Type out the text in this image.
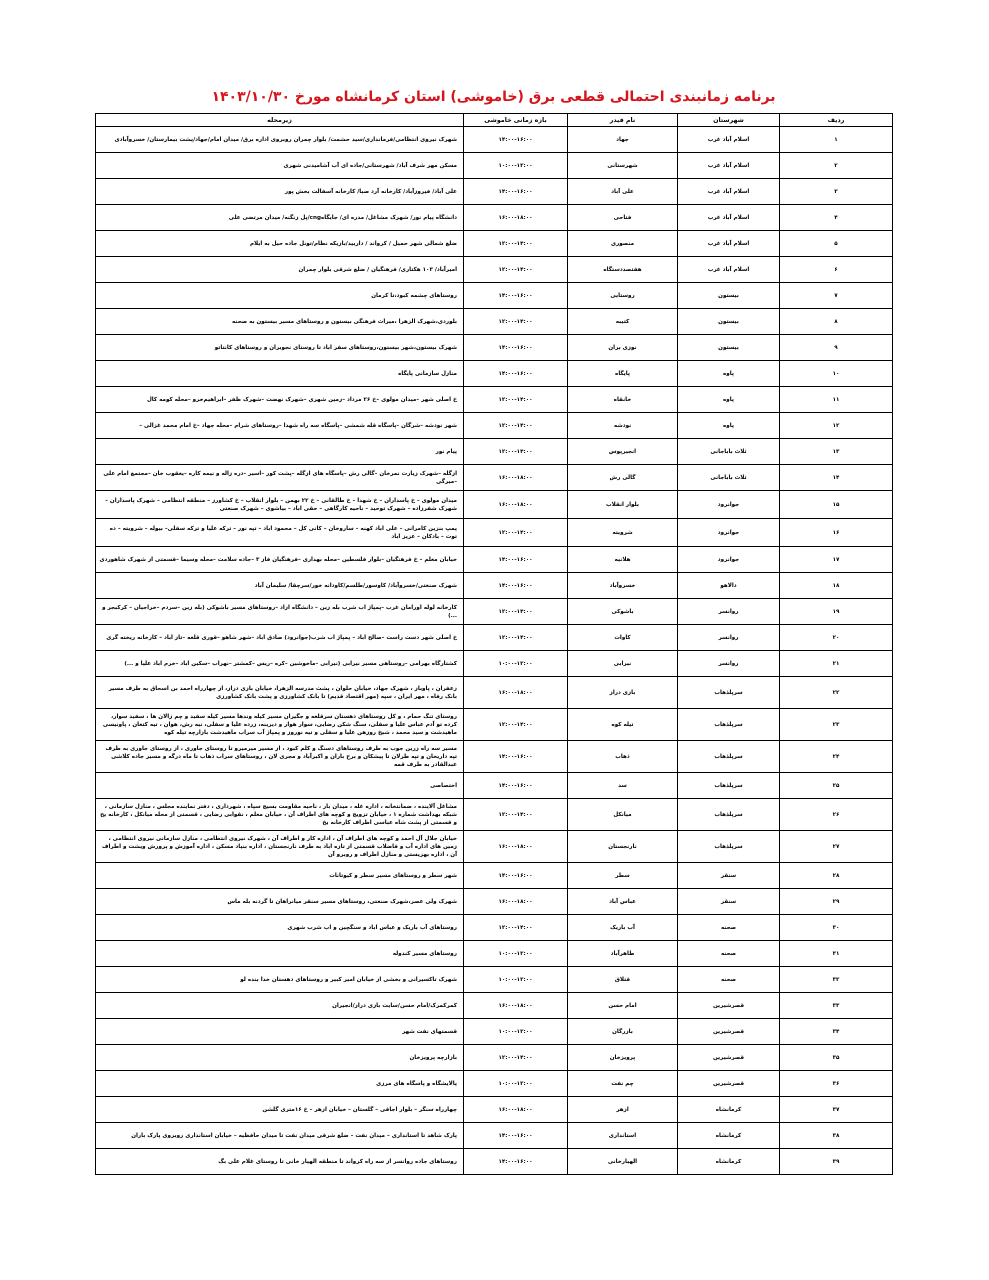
برنامه زمانبندی احتمالی قطعی برق (خاموشی) استان کرمانشاه مورخ ۱۴۰۳/۱۰/۳۰
ردیف	شهرستان	نام فیدر	بازه زمانی خاموشی	زیرمحله
۱	اسلام آباد غرب	جهاد	۱۴:۰۰-۱۶:۰۰	شهرک نیروی انتظامی/فرمانداری/سید حشمت/ بلوار چمران روبروی اداره برق/ میدان امام/جهاد/پشت بیمارستان/ خسروآبادی
۲	اسلام آباد غرب	شهرستانی	۱۰:۰۰-۱۲:۰۰	مسکن مهر شرف آباد/ شهرستانی/جاده ای آب آشامیدنی شهری
۳	اسلام آباد غرب	علی آباد	۱۴:۰۰-۱۶:۰۰	علی آباد/ فیروزآباد/ کارخانه آرد صبا/ کارخانه آسفالت بخش پور
۴	اسلام آباد غرب	فتاحی	۱۶:۰۰-۱۸:۰۰	دانشگاه پیام نور/ شهرک مشاغل/ مدره ای/ جایگاهcng/پل زنگنه/ میدان مرتضی علی
۵	اسلام آباد غرب	منصوری	۱۲:۰۰-۱۴:۰۰	ضلع شمالی شهر حمیل / کرواند / داربید/بازیکه نظام/تونل جاده حیل به ایلام
۶	اسلام آباد غرب	هفتصددستگاه	۱۲:۰۰-۱۴:۰۰	امیرآباد/ ۱۰۳ هکتاری/ فرهنگیان / ضلع شرقی بلوار چمران
۷	بیستون	روستایی	۱۴:۰۰-۱۶:۰۰	روستاهای چشمه کبود،تا کرمان
۸	بیستون	کتیبه	۱۲:۰۰-۱۴:۰۰	بلوردی،شهرک الزهرا ،میراث فرهنگی بیستون و روستاهای مسیر بیستون به صحنه
۹	بیستون	نوزی بران	۱۴:۰۰-۱۶:۰۰	شهرک بیستون،شهر بیستون،روستاهای سفر اباد تا روستای نجوبران و روستاهای کانتاتو
۱۰	پاوه	پایگاه	۱۴:۰۰-۱۶:۰۰	منازل سازمانی پایگاه
۱۱	پاوه	خانقاه	۱۲:۰۰-۱۴:۰۰	خ اصلی شهر –میدان مولوی –خ ۲۶ مرداد –زمین شهری –شهرک نهضت –شهرک ظفر –ابراهیم‌خرو –محله کومه کال
۱۲	پاوه	نودشه	۱۲:۰۰-۱۴:۰۰	شهر نودشه –شرگان –پاسگاه قله شمشی –پاسگاه سه راه شهدا –روستاهای شرام –محله جهاد –خ امام محمد غزالی –
۱۳	ثلاث باباجانی	انجیرپوس	۱۲:۰۰-۱۴:۰۰	پیام نور
۱۴	ثلاث باباجانی	گالی رش	۱۶:۰۰-۱۸:۰۰	ازگله –شهرک زیارت نمرخان –گالی رش –پاسگاه های ازگله –پشت کور –اسیر –دره زاله و نیمه کاره –یعقوب خان –مجتمع امام علی –میرگی
۱۵	جوانرود	بلوار انقلاب	۱۶:۰۰-۱۸:۰۰	میدان مولوی – خ پاسداران – خ شهدا – خ طالقانی – خ ۲۲ بهمن – بلوار انقلاب – خ کشاورز – منطقه انتظامی – شهرک پاسداران – شهرک شفرزاده – شهرک توحید – ناحیه کارگاهی – حقی اباد – بیاشوی – شهرک صنعتی
۱۶	جوانرود	شرویته	۱۲:۰۰-۱۴:۰۰	پمپ بنزین کامرانی – علی اباد کهنه – ساروخان – کانی کل – محمود اباد – تپه نور – ترکه علیا و ترکه سفلی– بیوله – شرویته – ده توت – بادکان – عزیز اباد
۱۷	جوانرود	هلانیه	۱۴:۰۰-۱۶:۰۰	خیابان معلم – خ فرهنگیان –بلوار فلسطین –محله بهداری –فرهنگیان فاز ۳ –جاده سلامت –محله وسیما –قسمتی از شهرک شاهوردی
۱۸	دالاهو	خسروآباد	۱۴:۰۰-۱۶:۰۰	شهرک صنعتی/خسروآباد/ کاوسور/طلسم/کاودانه خور/سرچقا/ سلیمان آباد
۱۹	روانسر	باشوکی	۱۲:۰۰-۱۴:۰۰	کارخانه لوله اورامان غرب –پمپاژ اب شرب بله زین – دانشگاه ازاد –روستاهای مسیر باشوکی (بله زین –سردم –خراجیان – کرکبجر و ...)
۲۰	روانسر	کاوات	۱۲:۰۰-۱۴:۰۰	خ اصلی شهر دست راست –صالح اباد – پمپاژ اب شرب(جوانرود) صادق اباد –شهر شاهو –قوری قلعه –تاز اباد – کارخانه ریخته گری
۲۱	روانسر	نیرابی	۱۰:۰۰-۱۲:۰۰	کشتارگاه بهرامی –روستاهی مسیر نیرابی (نیرابی –ماخوشین –کره –ریس –کمشتر –نهراب –سکین اباد –خرم اباد علیا و ...)
۲۲	سرپلذهاب	بازی دراز	۱۶:۰۰-۱۸:۰۰	زعفران ، پاوباز ، شهرک جهاد، خیابان حلوان ، پشت مدرسه الزهرا، خیابان بازی دراز، از چهارراه احمد بن اسحاق به طرف مسیر بانک رفاه ، مهر ایران ، سپه (مهر اقتصاد قدیم) تا بانک کشاورزی و پشت بانک کشاورزی
۲۳	سرپلذهاب	تیله کوه	۱۲:۰۰-۱۴:۰۰	روستای تنگ حمام ، و کل روستاهای دهستان سرقلعه و جگیران مسیر کیله وندها مسیر کیله سفید و چم زالان ها ، سفید سوار، کرده تو آدم عباس علیا و سفلی، سنگ شکن رضایی، سوار هوار و دیرینه، زرده علیا و سفلی، نیه رش، هوان ، تیه کتعان ، پاونیسی ماهیدشت و سید محمد ، شیخ روزهن علیا و سفلی و تیه نوروز و پمپاژ آب سراب ماهیدشت بازارچه تیله کوه
۲۴	سرپلذهاب	ذهاب	۱۴:۰۰-۱۶:۰۰	مسیر سه راه زرین جوب به طرف روستاهای دسنگ و کلم کبود ، از مسیر میرمیرو تا روستای جاوری ، از روستای جاوری به طرف تپه داریخان و تپه طرلان تا پیشکان و برج باران و اکبرآباد و مجری لان ، روستاهای سراب ذهاب تا ماه درگه و مسیر جاده کلاشی عبدالقادر به طرف قمه
۲۵	سرپلذهاب	سد	۱۴:۰۰-۱۶:۰۰	اختصاصی
۲۶	سرپلذهاب	میانکل	۱۲:۰۰-۱۴:۰۰	مشاغل آلاینده ، ضمانتخانه ، اداره غله ، میدان بار ، ناحیه مقاومت بسیج سپاه ، شهرداری ، دفتر نماینده مجلس ، منازل سازمانی ، شبکه بهداشت شماره ۱ ، خیابان تزویج و کوچه های اطراف آن ، خیابان معلم ، نقوابی رضایی ، قسمتی از محله میانکل ، کارخانه یخ و قسمتی از پشت شاه عباسی اطراف کارخانه یخ
۲۷	سرپلذهاب	نارنجستان	۱۶:۰۰-۱۸:۰۰	خیابان جلال آل احمد و کوچه های اطراف آن ، اداره کار و اطراف آن ، شهرک نیروی انتظامی ، منازل سازمانی نیروی انتظامی ، زمین های اداره آب و فاضلاب قسمتی از تازه اباد به طرف نارنجستان ، اداره بنیاد مسکن ، اداره آموزش و پرورش ویشت و اطراف آن ، اداره بهزیستی و منازل اطراف و روبرو آن
۲۸	سنقر	سطر	۱۴:۰۰-۱۶:۰۰	شهر سطر و روستاهای مسیر سطر و کیوتانات
۲۹	سنقر	عباس آباد	۱۶:۰۰-۱۸:۰۰	شهرک ولی عصر،شهرک صنعتی، روستاهای مسیر سنقر میانراهان تا گردنه بله ماس
۳۰	صحنه	آب باریک	۱۲:۰۰-۱۴:۰۰	روستاهای آب باریک و عباس اباد و سنگچین و اب شرب شهری
۳۱	صحنه	طاهرآباد	۱۰:۰۰-۱۲:۰۰	روستاهای مسیر کندوله
۳۲	صحنه	قتلاق	۱۰:۰۰-۱۲:۰۰	شهرک تاکسیرانی و بخشی از خیابان امیر کبیر و روستاهای دهستان خدا بنده لو
۳۳	قصرشیرین	امام حسن	۱۶:۰۰-۱۸:۰۰	کمرکمرک/امام حسن/سایت بازی دراز/انجیران
۳۴	قصرشیرین	بازرگان	۱۰:۰۰-۱۲:۰۰	قسمتهای نفت شهر
۳۵	قصرشیرین	پرویزخان	۱۲:۰۰-۱۴:۰۰	بازارچه پرویزخان
۳۶	قصرشیرین	چم نفت	۱۰:۰۰-۱۲:۰۰	پالایشگاه و پاسگاه های مرزی
۳۷	کرمانشاه	ازهر	۱۶:۰۰-۱۸:۰۰	چهارراه سنگر – بلوار اجاقی – گلستان – خیابان ازهر – خ ۱۶متری گلشن
۳۸	کرمانشاه	استانداری	۱۴:۰۰-۱۶:۰۰	پارک شاهد تا استانداری – میدان نفت – ضلع شرقی میدان نفت تا میدان حافظیه – خیابان استانداری روبروی پارک باران
۳۹	کرمانشاه	الهیارخانی	۱۴:۰۰-۱۶:۰۰	روستاهای جاده روانسر از سه راه کرواند تا منطقه الهیار خانی تا روستای غلام علی بگ
